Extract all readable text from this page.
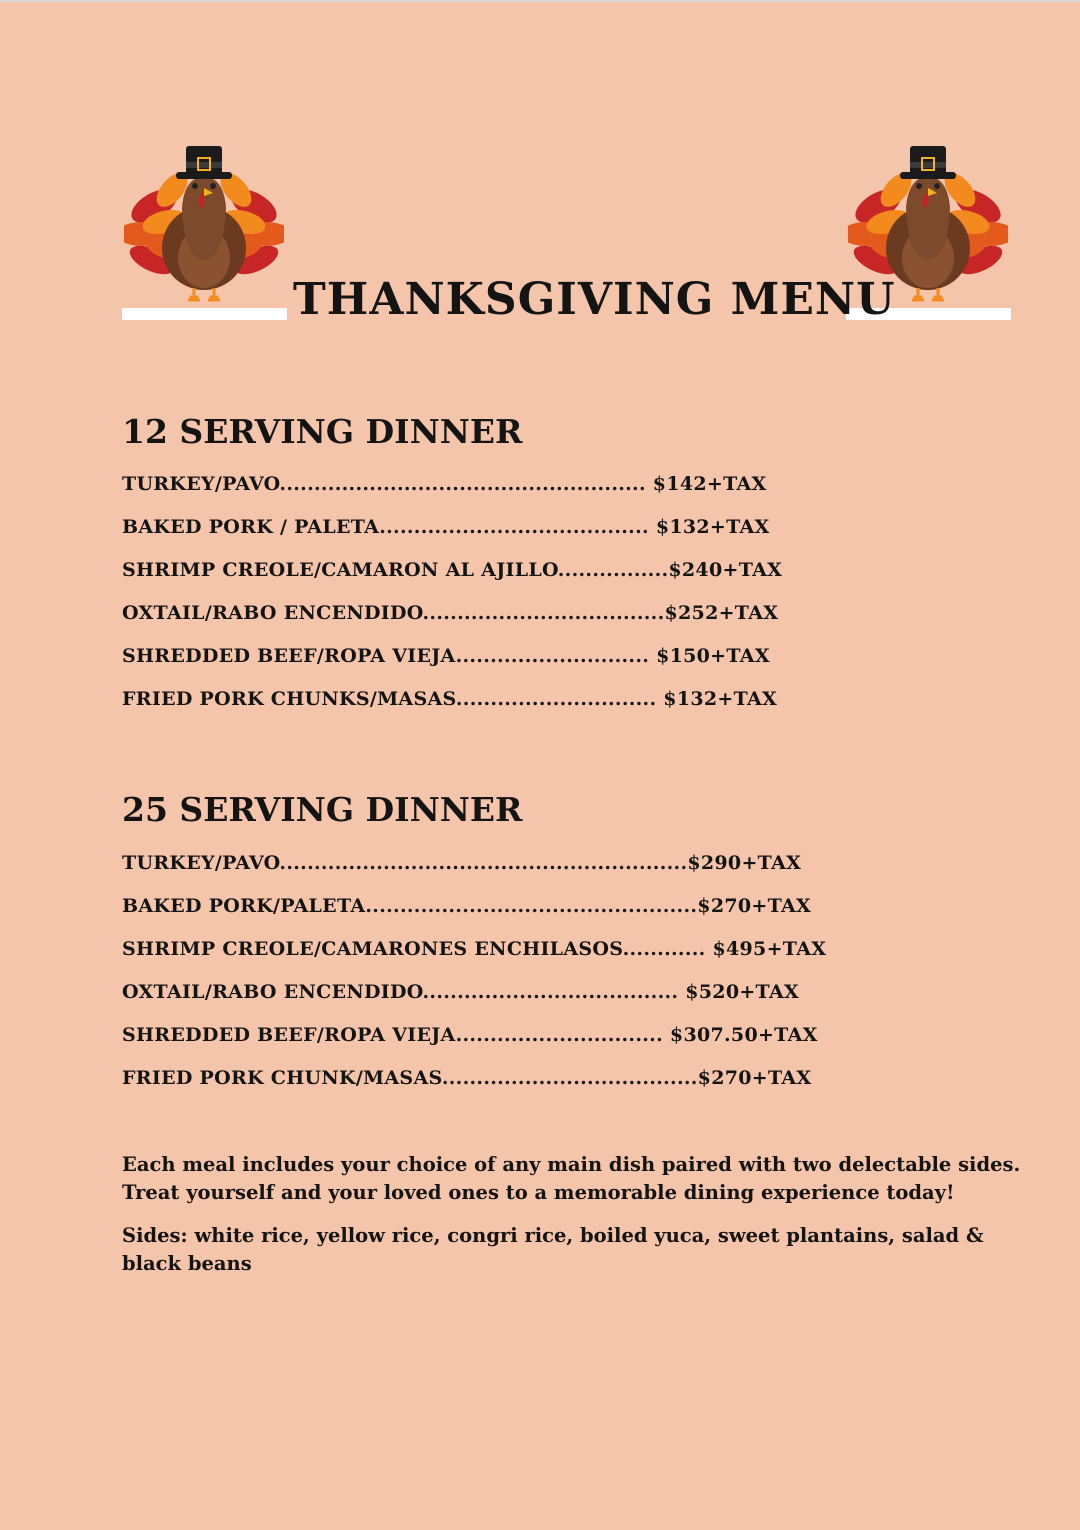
THANKSGIVING MENU
12 SERVING DINNER
TURKEY/PAVO..................................................... $142+TAX
BAKED PORK / PALETA....................................... $132+TAX
SHRIMP CREOLE/CAMARON AL AJILLO................$240+TAX
OXTAIL/RABO ENCENDIDO...................................$252+TAX
SHREDDED BEEF/ROPA VIEJA............................ $150+TAX
FRIED PORK CHUNKS/MASAS............................. $132+TAX
25 SERVING DINNER
TURKEY/PAVO...........................................................$290+TAX
BAKED PORK/PALETA................................................$270+TAX
SHRIMP CREOLE/CAMARONES ENCHILASOS............ $495+TAX
OXTAIL/RABO ENCENDIDO..................................... $520+TAX
SHREDDED BEEF/ROPA VIEJA.............................. $307.50+TAX
FRIED PORK CHUNK/MASAS.....................................$270+TAX

Each meal includes your choice of any main dish paired with two delectable sides. Treat yourself and your loved ones to a memorable dining experience today!

Sides: white rice, yellow rice, congri rice, boiled yuca, sweet plantains, salad & black beans
